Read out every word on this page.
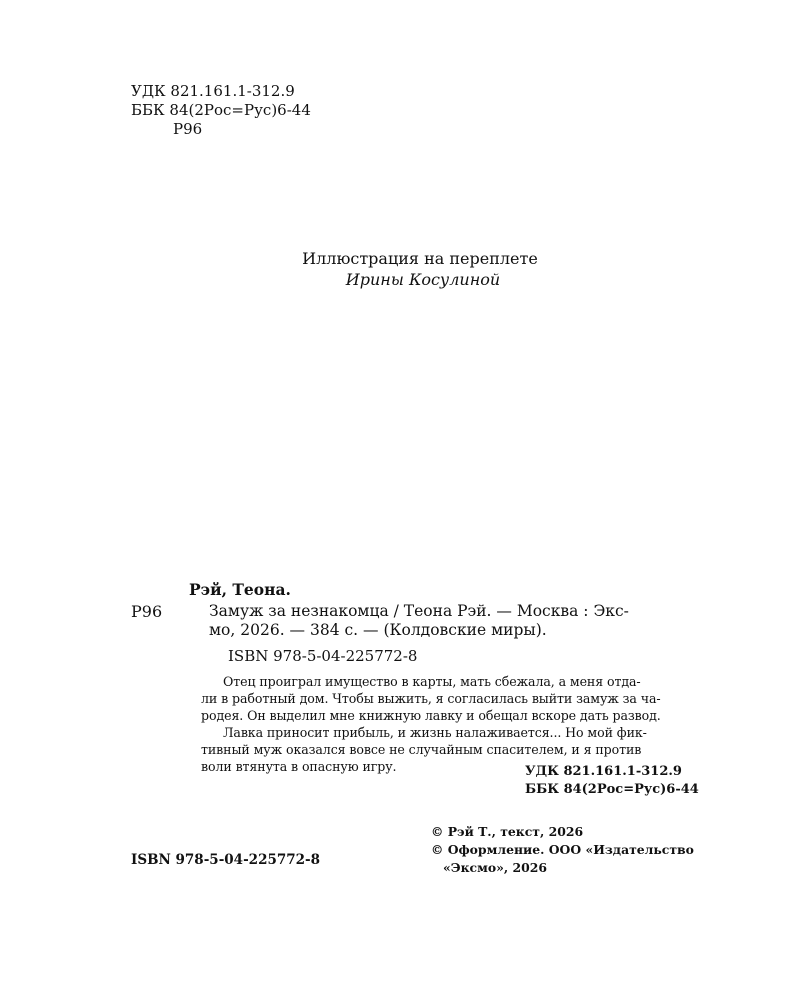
УДК 821.161.1-312.9
ББК 84(2Рос=Рус)6-44
Р96
Иллюстрация на переплете
Ирины Косулиной
Рэй, Теона.
Р96	Замуж за незнакомца / Теона Рэй. — Москва : Экс-
мо, 2026. — 384 с. — (Колдовские миры).
ISBN 978-5-04-225772-8
Отец проиграл имущество в карты, мать сбежала, а меня отда-
ли в работный дом. Чтобы выжить, я согласилась выйти замуж за ча-
родея. Он выделил мне книжную лавку и обещал вскоре дать развод.
Лавка приносит прибыль, и жизнь налаживается... Но мой фик-
тивный муж оказался вовсе не случайным спасителем, и я против
воли втянута в опасную игру.	УДК 821.161.1-312.9
ББК 84(2Рос=Рус)6-44
© Рэй Т., текст, 2026
© Оформление. ООО «Издательство
«Эксмо», 2026
ISBN 978-5-04-225772-8
